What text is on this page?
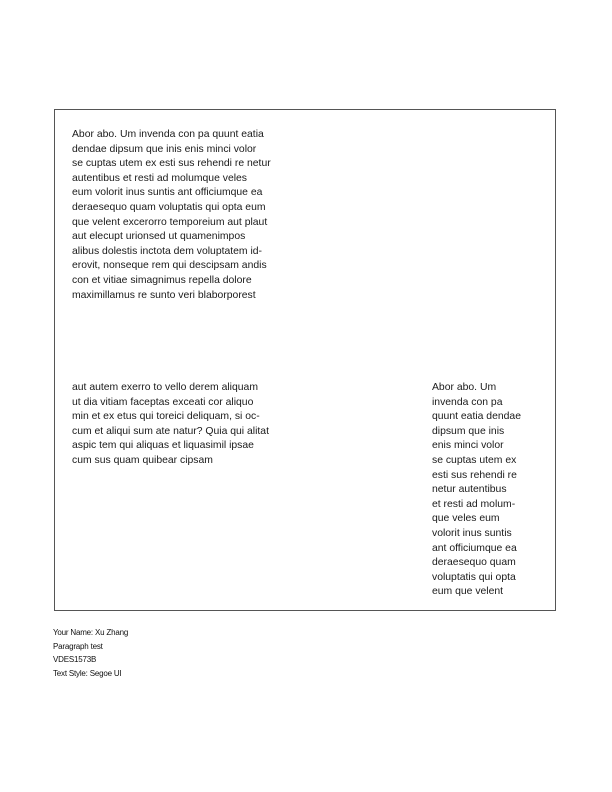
Abor abo. Um invenda con pa quunt eatia
dendae dipsum que inis enis minci volor
se cuptas utem ex esti sus rehendi re netur
autentibus et resti ad molumque veles
eum volorit inus suntis ant officiumque ea
deraesequo quam voluptatis qui opta eum
que velent excerorro temporeium aut plaut
aut elecupt urionsed ut quamenimpos
alibus dolestis inctota dem voluptatem id-
erovit, nonseque rem qui descipsam andis
con et vitiae simagnimus repella dolore
maximillamus re sunto veri blaborporest

aut autem exerro to vello derem aliquam
ut dia vitiam faceptas exceati cor aliquo
min et ex etus qui toreici deliquam, si oc-
cum et aliqui sum ate natur? Quia qui alitat
aspic tem qui aliquas et liquasimil ipsae
cum sus quam quibear cipsam

Abor abo. Um
invenda con pa
quunt eatia dendae
dipsum que inis
enis minci volor
se cuptas utem ex
esti sus rehendi re
netur autentibus
et resti ad molum-
que veles eum
volorit inus suntis
ant officiumque ea
deraesequo quam
voluptatis qui opta
eum que velent

Your Name: Xu Zhang
Paragraph test
VDES1573B
Text Style: Segoe UI
